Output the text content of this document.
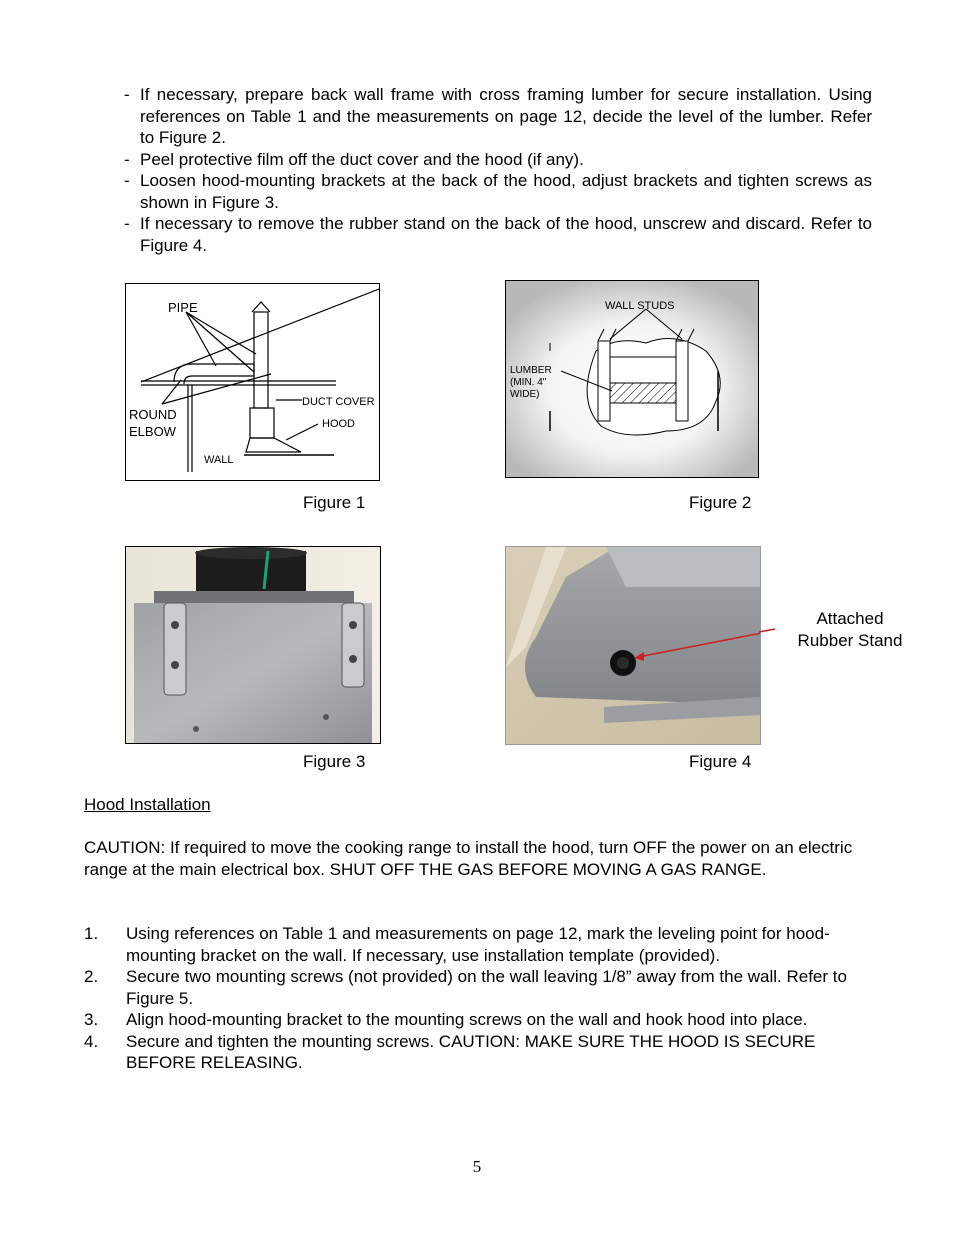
- If necessary, prepare back wall frame with cross framing lumber for secure installation. Using references on Table 1 and the measurements on page 12, decide the level of the lumber. Refer to Figure 2.
- Peel protective film off the duct cover and the hood (if any).
- Loosen hood-mounting brackets at the back of the hood, adjust brackets and tighten screws as shown in Figure 3.
- If necessary to remove the rubber stand on the back of the hood, unscrew and discard. Refer to Figure 4.
PIPE
ROUND
ELBOW
DUCT COVER
HOOD
WALL
Figure 1
WALL STUDS
LUMBER
(MIN. 4"
WIDE)
Figure 2
Figure 3
Attached
Rubber Stand
Figure 4
Hood Installation
CAUTION: If required to move the cooking range to install the hood, turn OFF the power on an electric range at the main electrical box. SHUT OFF THE GAS BEFORE MOVING A GAS RANGE.
1.	Using references on Table 1 and measurements on page 12, mark the leveling point for hood-mounting bracket on the wall. If necessary, use installation template (provided).
2.	Secure two mounting screws (not provided) on the wall leaving 1/8” away from the wall. Refer to Figure 5.
3.	Align hood-mounting bracket to the mounting screws on the wall and hook hood into place.
4.	Secure and tighten the mounting screws. CAUTION: MAKE SURE THE HOOD IS SECURE BEFORE RELEASING.
5
